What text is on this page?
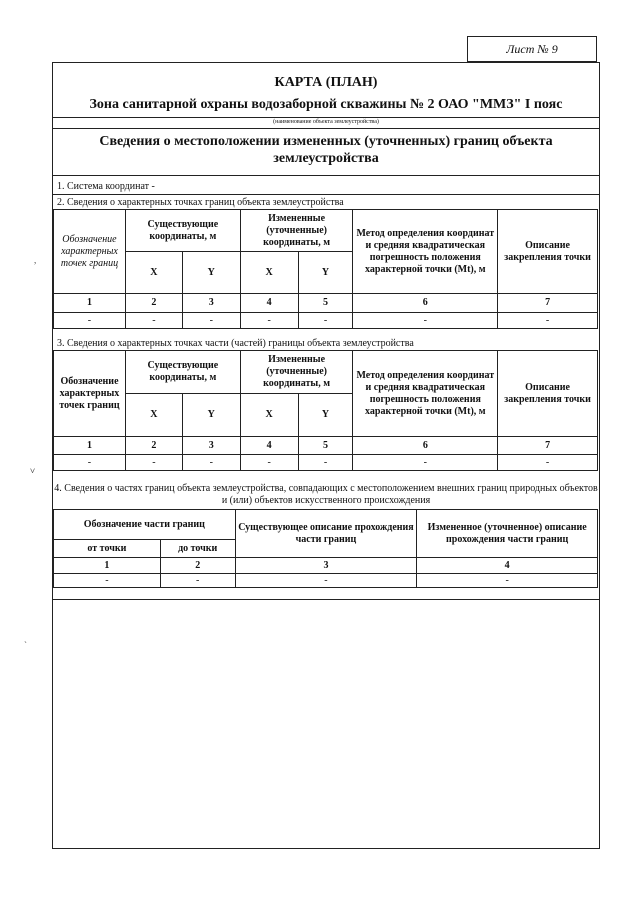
Лист № 9
КАРТА (ПЛАН)
Зона санитарной охраны водозаборной скважины № 2 ОАО "ММЗ" I пояс
(наименование объекта землеустройства)
Сведения о местоположении измененных (уточненных) границ объекта землеустройства
1. Система координат -
2. Сведения о характерных точках границ объекта землеустройства
Обозначение характерных точек границ	Существующие координаты, м		Измененные (уточненные) координаты, м		Метод определения координат и средняя квадратическая погрешность положения характерной точки (Mt), м	Описание закрепления точки
	X	Y	X	Y		
1	2	3	4	5	6	7
-	-	-	-	-	-	-
3. Сведения о характерных точках части (частей) границы объекта землеустройства
Обозначение характерных точек границ	Существующие координаты, м		Измененные (уточненные) координаты, м		Метод определения координат и средняя квадратическая погрешность положения характерной точки (Mt), м	Описание закрепления точки
	X	Y	X	Y		
1	2	3	4	5	6	7
-	-	-	-	-	-	-
4. Сведения о частях границ объекта землеустройства, совпадающих с местоположением внешних границ природных объектов и (или) объектов искусственного происхождения
Обозначение части границ		Существующее описание прохождения части границ	Измененное (уточненное) описание прохождения части границ
от точки	до точки		
1	2	3	4
-	-	-	-
,
˅
`
